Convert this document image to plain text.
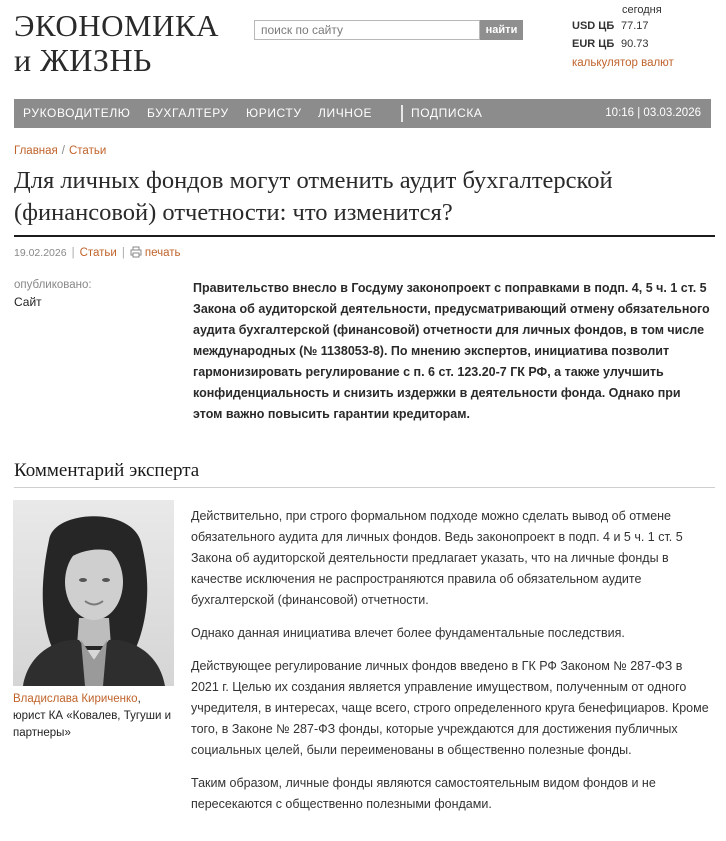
ЭКОНОМИКА
и ЖИЗНЬ
поиск по сайту
найти
сегодня
USD ЦБ 77.17
EUR ЦБ 90.73
калькулятор валют
РУКОВОДИТЕЛЮ БУХГАЛТЕРУ ЮРИСТУ ЛИЧНОЕ	ПОДПИСКА	10:16 | 03.03.2026
Главная / Статьи
Для личных фондов могут отменить аудит бухгалтерской (финансовой) отчетности: что изменится?
19.02.2026 | Статьи | печать
опубликовано:
Сайт

Правительство внесло в Госдуму законопроект с поправками в подп. 4, 5 ч. 1 ст. 5 Закона об аудиторской деятельности, предусматривающий отмену обязательного аудита бухгалтерской (финансовой) отчетности для личных фондов, в том числе международных (№ 1138053-8). По мнению экспертов, инициатива позволит гармонизировать регулирование с п. 6 ст. 123.20-7 ГК РФ, а также улучшить конфиденциальность и снизить издержки в деятельности фонда. Однако при этом важно повысить гарантии кредиторам.

Комментарий эксперта
Владислава Кириченко,
юрист КА «Ковалев, Тугуши и партнеры»

Действительно, при строго формальном подходе можно сделать вывод об отмене обязательного аудита для личных фондов. Ведь законопроект в подп. 4 и 5 ч. 1 ст. 5 Закона об аудиторской деятельности предлагает указать, что на личные фонды в качестве исключения не распространяются правила об обязательном аудите бухгалтерской (финансовой) отчетности.

Однако данная инициатива влечет более фундаментальные последствия.

Действующее регулирование личных фондов введено в ГК РФ Законом № 287-ФЗ в 2021 г. Целью их создания является управление имуществом, полученным от одного учредителя, в интересах, чаще всего, строго определенного круга бенефициаров. Кроме того, в Законе № 287-ФЗ фонды, которые учреждаются для достижения публичных социальных целей, были переименованы в общественно полезные фонды.

Таким образом, личные фонды являются самостоятельным видом фондов и не пересекаются с общественно полезными фондами.
